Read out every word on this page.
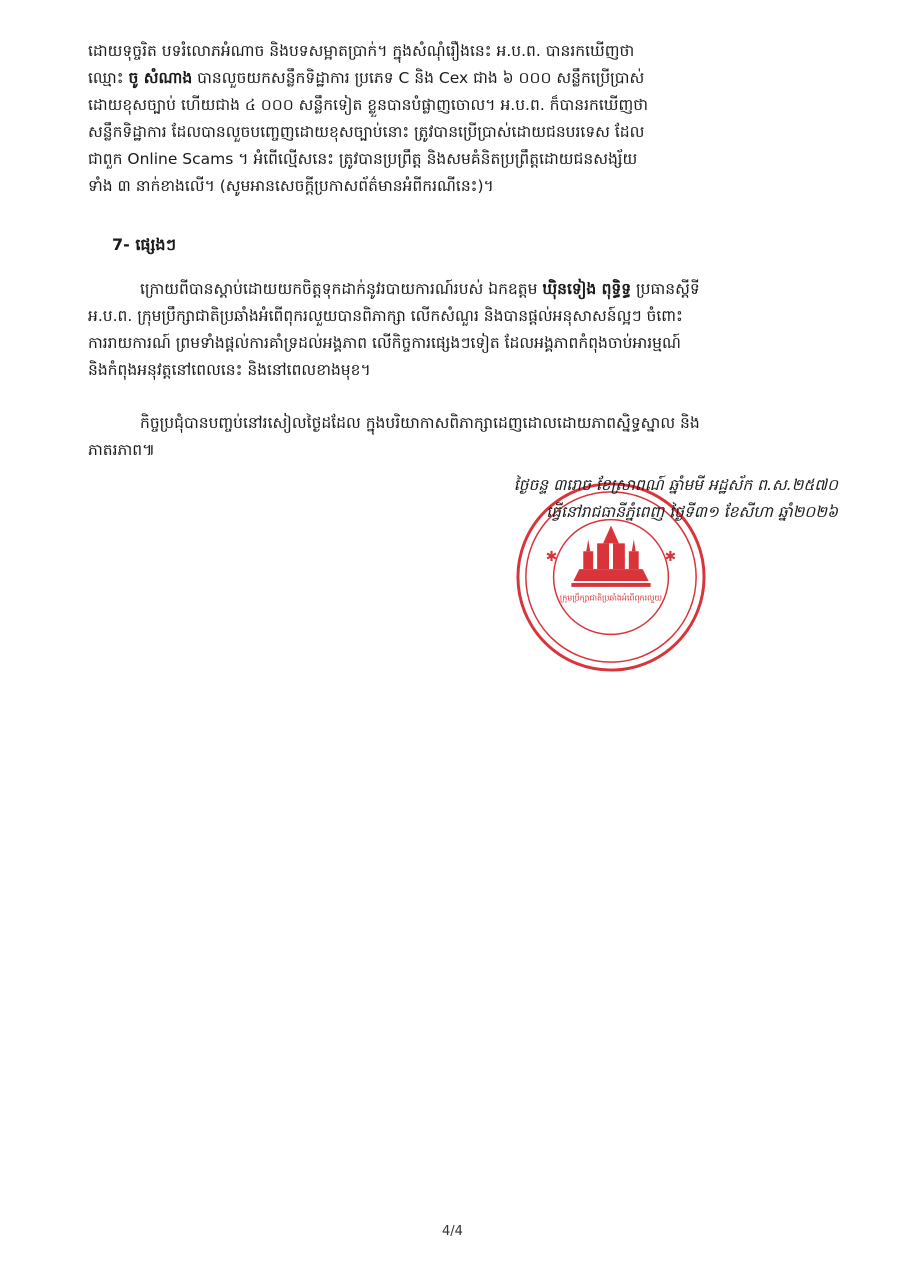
ដោយទុច្ចរិត បទរំលោភអំណាច និងបទសម្អាតប្រាក់។ ក្នុងសំណុំរឿងនេះ អ.ប.ព. បានរកឃើញថា
ឈ្មោះ ចូ សំណាង បានលួចយកសន្លឹកទិដ្ឋាការ ប្រភេទ C និង Cex ជាង ៦ ០០០ សន្លឹកប្រើប្រាស់
ដោយខុសច្បាប់ ហើយជាង ៤ ០០០ សន្លឹកទៀត ខ្លួនបានបំផ្លាញចោល។ អ.ប.ព. ក៏បានរកឃើញថា
សន្លឹកទិដ្ឋាការ ដែលបានលួចបញ្ចេញដោយខុសច្បាប់នោះ ត្រូវបានប្រើប្រាស់ដោយជនបរទេស ដែល
ជាពួក Online Scams ។ អំពើល្មើសនេះ ត្រូវបានប្រព្រឹត្ត និងសមគំនិតប្រព្រឹត្តដោយជនសង្ស័យ
ទាំង ៣ នាក់ខាងលើ។ (សូមអានសេចក្តីប្រកាសព័ត៌មានអំពីករណីនេះ)។
7- ផ្សេងៗ
ក្រោយពីបានស្តាប់ដោយយកចិត្តទុកដាក់នូវរបាយការណ៍របស់ ឯកឧត្តម ឃុិនទៀង ពុទ្ធិទ្ធ ប្រធានស្តីទី
អ.ប.ព. ក្រុមប្រឹក្សាជាតិប្រឆាំងអំពើពុករលួយបានពិភាក្សា លើកសំណួរ និងបានផ្តល់អនុសាសន៍ល្អៗ ចំពោះ
ការរាយការណ៍ ព្រមទាំងផ្តល់ការគាំទ្រដល់អង្គភាព លើកិច្ចការផ្សេងៗទៀត ដែលអង្គភាពកំពុងចាប់អារម្មណ៍
និងកំពុងអនុវត្តនៅពេលនេះ និងនៅពេលខាងមុខ។
កិច្ចប្រជុំបានបញ្ចប់នៅរសៀលថ្ងៃដដែល ក្នុងបរិយាកាសពិភាក្សាដេញដោលដោយភាពស្និទ្ធស្នាល និង
ភាតរភាព៕
ក្រុមប្រឹក្សាជាតិប្រឆាំងអំពើពុករលួយ
✱	✱
ថ្ងៃចន្ទ ៣រោច ខែស្រាពណ៍ ឆ្នាំមមី អដ្ឋស័ក ព.ស.២៥៧០
ធ្វើនៅរាជធានីភ្នំពេញ ថ្ងៃទី៣១ ខែសីហា ឆ្នាំ២០២៦
4/4
